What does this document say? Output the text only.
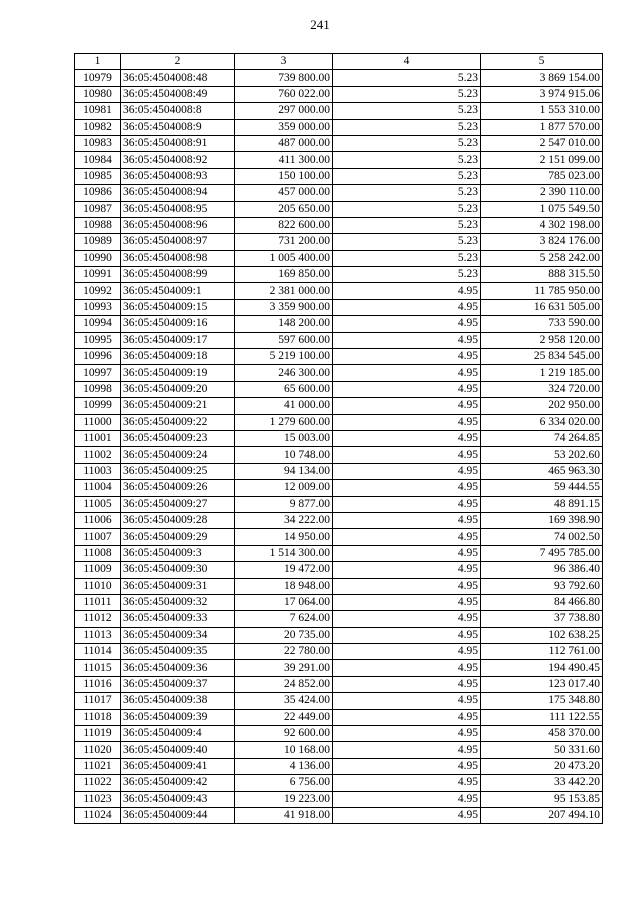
241
1	2	3	4	5
10979	36:05:4504008:48	739 800.00	5.23	3 869 154.00
10980	36:05:4504008:49	760 022.00	5.23	3 974 915.06
10981	36:05:4504008:8	297 000.00	5.23	1 553 310.00
10982	36:05:4504008:9	359 000.00	5.23	1 877 570.00
10983	36:05:4504008:91	487 000.00	5.23	2 547 010.00
10984	36:05:4504008:92	411 300.00	5.23	2 151 099.00
10985	36:05:4504008:93	150 100.00	5.23	785 023.00
10986	36:05:4504008:94	457 000.00	5.23	2 390 110.00
10987	36:05:4504008:95	205 650.00	5.23	1 075 549.50
10988	36:05:4504008:96	822 600.00	5.23	4 302 198.00
10989	36:05:4504008:97	731 200.00	5.23	3 824 176.00
10990	36:05:4504008:98	1 005 400.00	5.23	5 258 242.00
10991	36:05:4504008:99	169 850.00	5.23	888 315.50
10992	36:05:4504009:1	2 381 000.00	4.95	11 785 950.00
10993	36:05:4504009:15	3 359 900.00	4.95	16 631 505.00
10994	36:05:4504009:16	148 200.00	4.95	733 590.00
10995	36:05:4504009:17	597 600.00	4.95	2 958 120.00
10996	36:05:4504009:18	5 219 100.00	4.95	25 834 545.00
10997	36:05:4504009:19	246 300.00	4.95	1 219 185.00
10998	36:05:4504009:20	65 600.00	4.95	324 720.00
10999	36:05:4504009:21	41 000.00	4.95	202 950.00
11000	36:05:4504009:22	1 279 600.00	4.95	6 334 020.00
11001	36:05:4504009:23	15 003.00	4.95	74 264.85
11002	36:05:4504009:24	10 748.00	4.95	53 202.60
11003	36:05:4504009:25	94 134.00	4.95	465 963.30
11004	36:05:4504009:26	12 009.00	4.95	59 444.55
11005	36:05:4504009:27	9 877.00	4.95	48 891.15
11006	36:05:4504009:28	34 222.00	4.95	169 398.90
11007	36:05:4504009:29	14 950.00	4.95	74 002.50
11008	36:05:4504009:3	1 514 300.00	4.95	7 495 785.00
11009	36:05:4504009:30	19 472.00	4.95	96 386.40
11010	36:05:4504009:31	18 948.00	4.95	93 792.60
11011	36:05:4504009:32	17 064.00	4.95	84 466.80
11012	36:05:4504009:33	7 624.00	4.95	37 738.80
11013	36:05:4504009:34	20 735.00	4.95	102 638.25
11014	36:05:4504009:35	22 780.00	4.95	112 761.00
11015	36:05:4504009:36	39 291.00	4.95	194 490.45
11016	36:05:4504009:37	24 852.00	4.95	123 017.40
11017	36:05:4504009:38	35 424.00	4.95	175 348.80
11018	36:05:4504009:39	22 449.00	4.95	111 122.55
11019	36:05:4504009:4	92 600.00	4.95	458 370.00
11020	36:05:4504009:40	10 168.00	4.95	50 331.60
11021	36:05:4504009:41	4 136.00	4.95	20 473.20
11022	36:05:4504009:42	6 756.00	4.95	33 442.20
11023	36:05:4504009:43	19 223.00	4.95	95 153.85
11024	36:05:4504009:44	41 918.00	4.95	207 494.10
